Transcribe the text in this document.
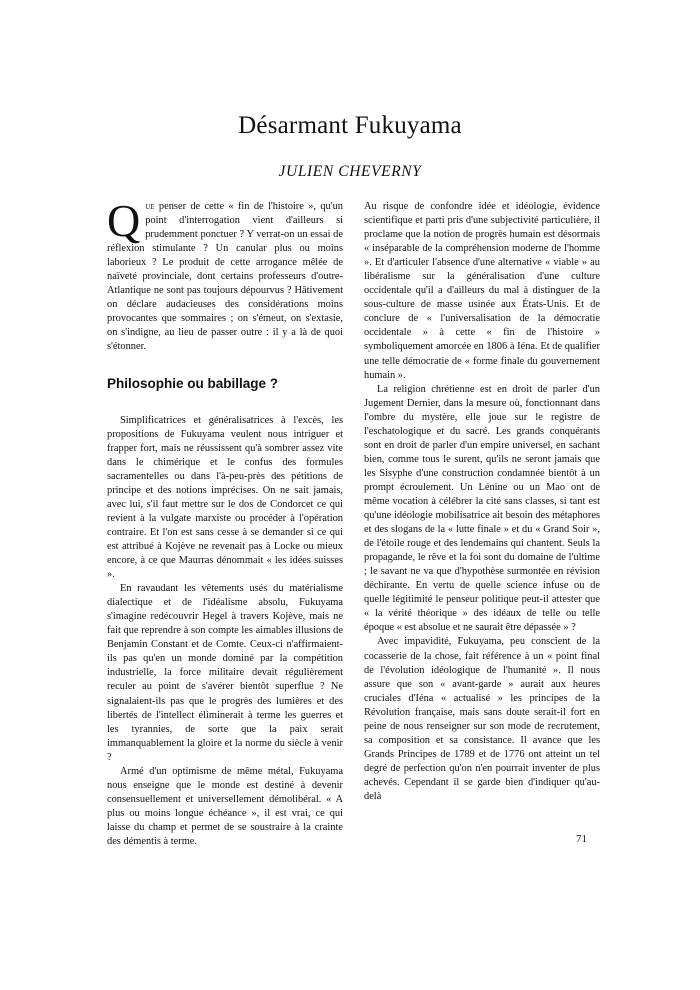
Désarmant Fukuyama
JULIEN CHEVERNY

Que penser de cette « fin de l'histoire », qu'un point d'interrogation vient d'ailleurs si prudemment ponctuer ? Y verrat-on un essai de réflexion stimulante ? Un canular plus ou moins laborieux ? Le produit de cette arrogance mêlée de naïveté provinciale, dont certains professeurs d'outre-Atlantique ne sont pas toujours dépourvus ? Hâtivement on déclare audacieuses des considérations moins provocantes que sommaires ; on s'émeut, on s'extasie, on s'indigne, au lieu de passer outre : il y a là de quoi s'étonner.

Philosophie ou babillage ?

Simplificatrices et généralisatrices à l'excès, les propositions de Fukuyama veulent nous intriguer et frapper fort, mais ne réussissent qu'à sombrer assez vite dans le chimérique et le confus des formules sacramentelles ou dans l'à-peu-près des pétitions de principe et des notions imprécises. On ne sait jamais, avec lui, s'il faut mettre sur le dos de Condorcet ce qui revient à la vulgate marxiste ou procéder à l'opération contraire. Et l'on est sans cesse à se demander si ce qui est attribué à Kojève ne revenait pas à Locke ou mieux encore, à ce que Maurras dénommait « les idées suisses ».

En ravaudant les vêtements usés du matérialisme dialectique et de l'idéalisme absolu, Fukuyama s'imagine redécouvrir Hegel à travers Kojève, mais ne fait que reprendre à son compte les aimables illusions de Benjamin Constant et de Comte. Ceux-ci n'affirmaient-ils pas qu'en un monde dominé par la compétition industrielle, la force militaire devait régulièrement reculer au point de s'avérer bientôt superflue ? Ne signalaient-ils pas que le progrès des lumières et des libertés de l'intellect éliminerait à terme les guerres et les tyrannies, de sorte que la paix serait immanquablement la gloire et la norme du siècle à venir ?

Armé d'un optimisme de même métal, Fukuyama nous enseigne que le monde est destiné à devenir consensuellement et universellement démolibéral. « A plus ou moins longue échéance », il est vrai, ce qui laisse du champ et permet de se soustraire à la crainte des démentis à terme.

Au risque de confondre idée et idéologie, évidence scientifique et parti pris d'une subjectivité particulière, il proclame que la notion de progrès humain est désormais « inséparable de la compréhension moderne de l'homme ». Et d'articuler l'absence d'une alternative « viable » au libéralisme sur la généralisation d'une culture occidentale qu'il a d'ailleurs du mal à distinguer de la sous-culture de masse usinée aux États-Unis. Et de conclure de « l'universalisation de la démocratie occidentale » à cette « fin de l'histoire » symboliquement amorcée en 1806 à Iéna. Et de qualifier une telle démocratie de « forme finale du gouvernement humain ».

La religion chrétienne est en droit de parler d'un Jugement Dernier, dans la mesure où, fonctionnant dans l'ombre du mystère, elle joue sur le registre de l'eschatologique et du sacré. Les grands conquérants sont en droit de parler d'un empire universel, en sachant bien, comme tous le surent, qu'ils ne seront jamais que les Sisyphe d'une construction condamnée bientôt à un prompt écroulement. Un Lénine ou un Mao ont de même vocation à célébrer la cité sans classes, si tant est qu'une idéologie mobilisatrice ait besoin des métaphores et des slogans de la « lutte finale » et du « Grand Soir », de l'étoile rouge et des lendemains qui chantent. Seuls la propagande, le rêve et la foi sont du domaine de l'ultime ; le savant ne va que d'hypothèse surmontée en révision déchirante. En vertu de quelle science infuse ou de quelle légitimité le penseur politique peut-il attester que « la vérité théorique » des idéaux de telle ou telle époque « est absolue et ne saurait être dépassée » ?

Avec impavidité, Fukuyama, peu conscient de la cocasserie de la chose, fait référence à un « point final de l'évolution idéologique de l'humanité ». Il nous assure que son « avant-garde » aurait aux heures cruciales d'Iéna « actualisé » les principes de la Révolution française, mais sans doute serait-il fort en peine de nous renseigner sur son mode de recrutement, sa composition et sa consistance. Il avance que les Grands Principes de 1789 et de 1776 ont atteint un tel degré de perfection qu'on n'en pourrait inventer de plus achevés. Cependant il se garde bien d'indiquer qu'au-delà

71
